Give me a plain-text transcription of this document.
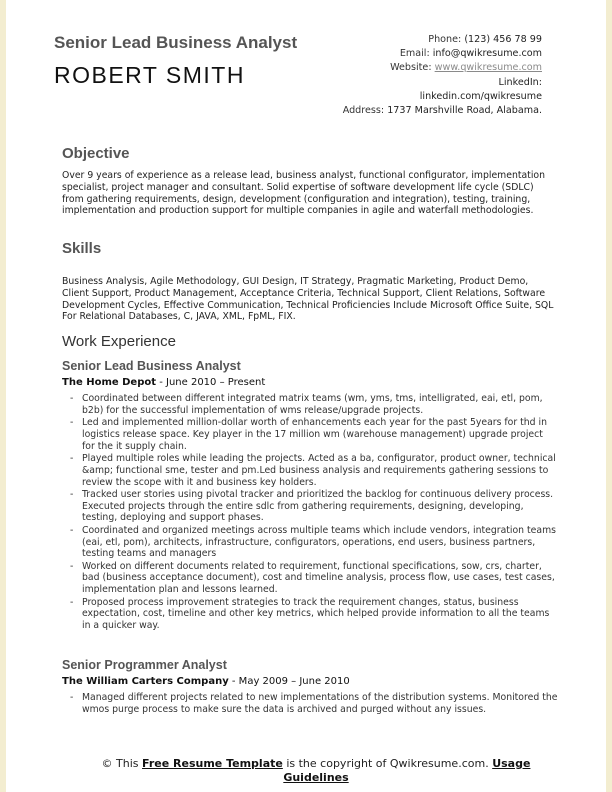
Senior Lead Business Analyst
ROBERT SMITH
Phone: (123) 456 78 99
Email: info@qwikresume.com
Website: www.qwikresume.com
LinkedIn:
linkedin.com/qwikresume
Address: 1737 Marshville Road, Alabama.
Objective
Over 9 years of experience as a release lead, business analyst, functional configurator, implementation specialist, project manager and consultant. Solid expertise of software development life cycle (SDLC) from gathering requirements, design, development (configuration and integration), testing, training, implementation and production support for multiple companies in agile and waterfall methodologies.
Skills
Business Analysis, Agile Methodology, GUI Design, IT Strategy, Pragmatic Marketing, Product Demo, Client Support, Product Management, Acceptance Criteria, Technical Support, Client Relations, Software Development Cycles, Effective Communication, Technical Proficiencies Include Microsoft Office Suite, SQL For Relational Databases, C, JAVA, XML, FpML, FIX.
Work Experience
Senior Lead Business Analyst
The Home Depot - June 2010 – Present
- Coordinated between different integrated matrix teams (wm, yms, tms, intelligrated, eai, etl, pom, b2b) for the successful implementation of wms release/upgrade projects.
- Led and implemented million-dollar worth of enhancements each year for the past 5years for thd in logistics release space. Key player in the 17 million wm (warehouse management) upgrade project for the it supply chain.
- Played multiple roles while leading the projects. Acted as a ba, configurator, product owner, technical &amp; functional sme, tester and pm.Led business analysis and requirements gathering sessions to review the scope with it and business key holders.
- Tracked user stories using pivotal tracker and prioritized the backlog for continuous delivery process. Executed projects through the entire sdlc from gathering requirements, designing, developing, testing, deploying and support phases.
- Coordinated and organized meetings across multiple teams which include vendors, integration teams (eai, etl, pom), architects, infrastructure, configurators, operations, end users, business partners, testing teams and managers
- Worked on different documents related to requirement, functional specifications, sow, crs, charter, bad (business acceptance document), cost and timeline analysis, process flow, use cases, test cases, implementation plan and lessons learned.
- Proposed process improvement strategies to track the requirement changes, status, business expectation, cost, timeline and other key metrics, which helped provide information to all the teams in a quicker way.
Senior Programmer Analyst
The William Carters Company - May 2009 – June 2010
- Managed different projects related to new implementations of the distribution systems. Monitored the wmos purge process to make sure the data is archived and purged without any issues.
© This Free Resume Template is the copyright of Qwikresume.com. Usage Guidelines
